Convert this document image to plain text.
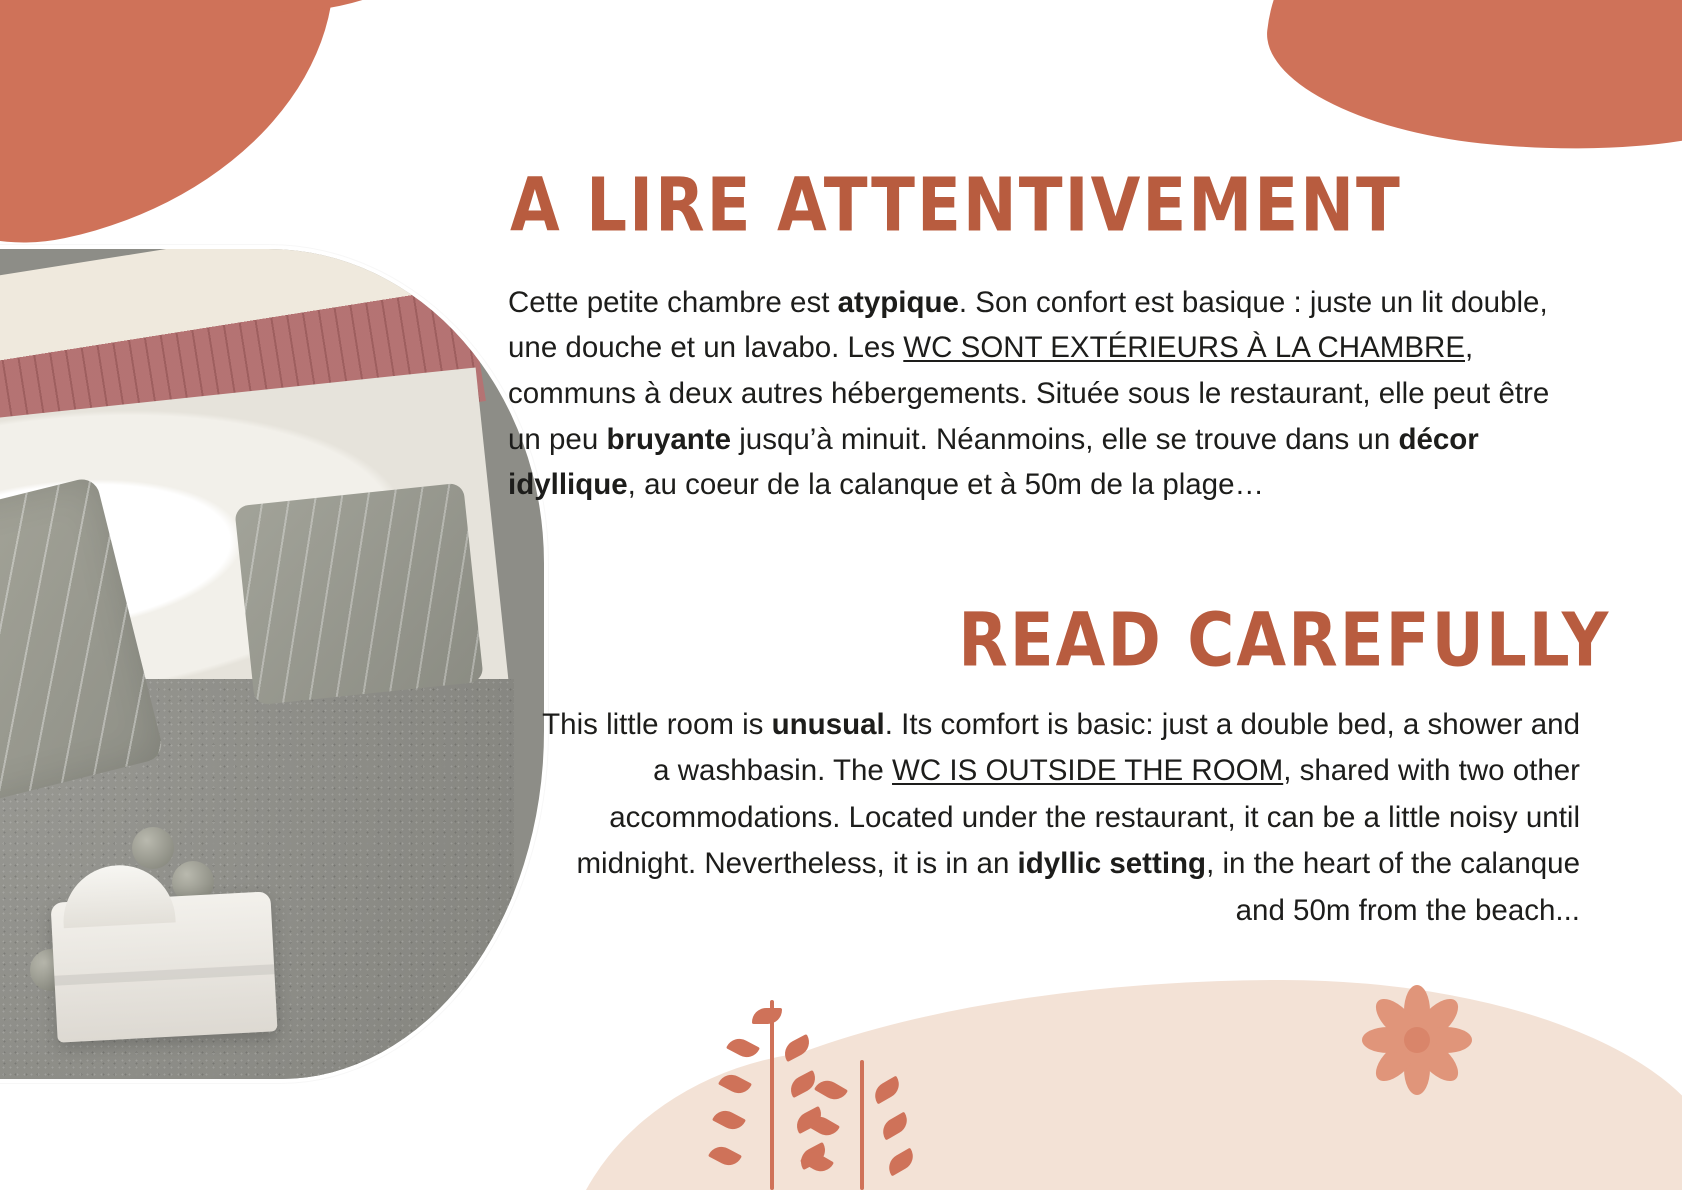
A LIRE ATTENTIVEMENT

Cette petite chambre est atypique. Son confort est basique : juste un lit double, une douche et un lavabo. Les WC SONT EXTÉRIEURS À LA CHAMBRE, communs à deux autres hébergements. Située sous le restaurant, elle peut être un peu bruyante jusqu’à minuit. Néanmoins, elle se trouve dans un décor idyllique, au coeur de la calanque et à 50m de la plage…

READ CAREFULLY

This little room is unusual. Its comfort is basic: just a double bed, a shower and a washbasin. The WC IS OUTSIDE THE ROOM, shared with two other accommodations. Located under the restaurant, it can be a little noisy until midnight. Nevertheless, it is in an idyllic setting, in the heart of the calanque and 50m from the beach...
